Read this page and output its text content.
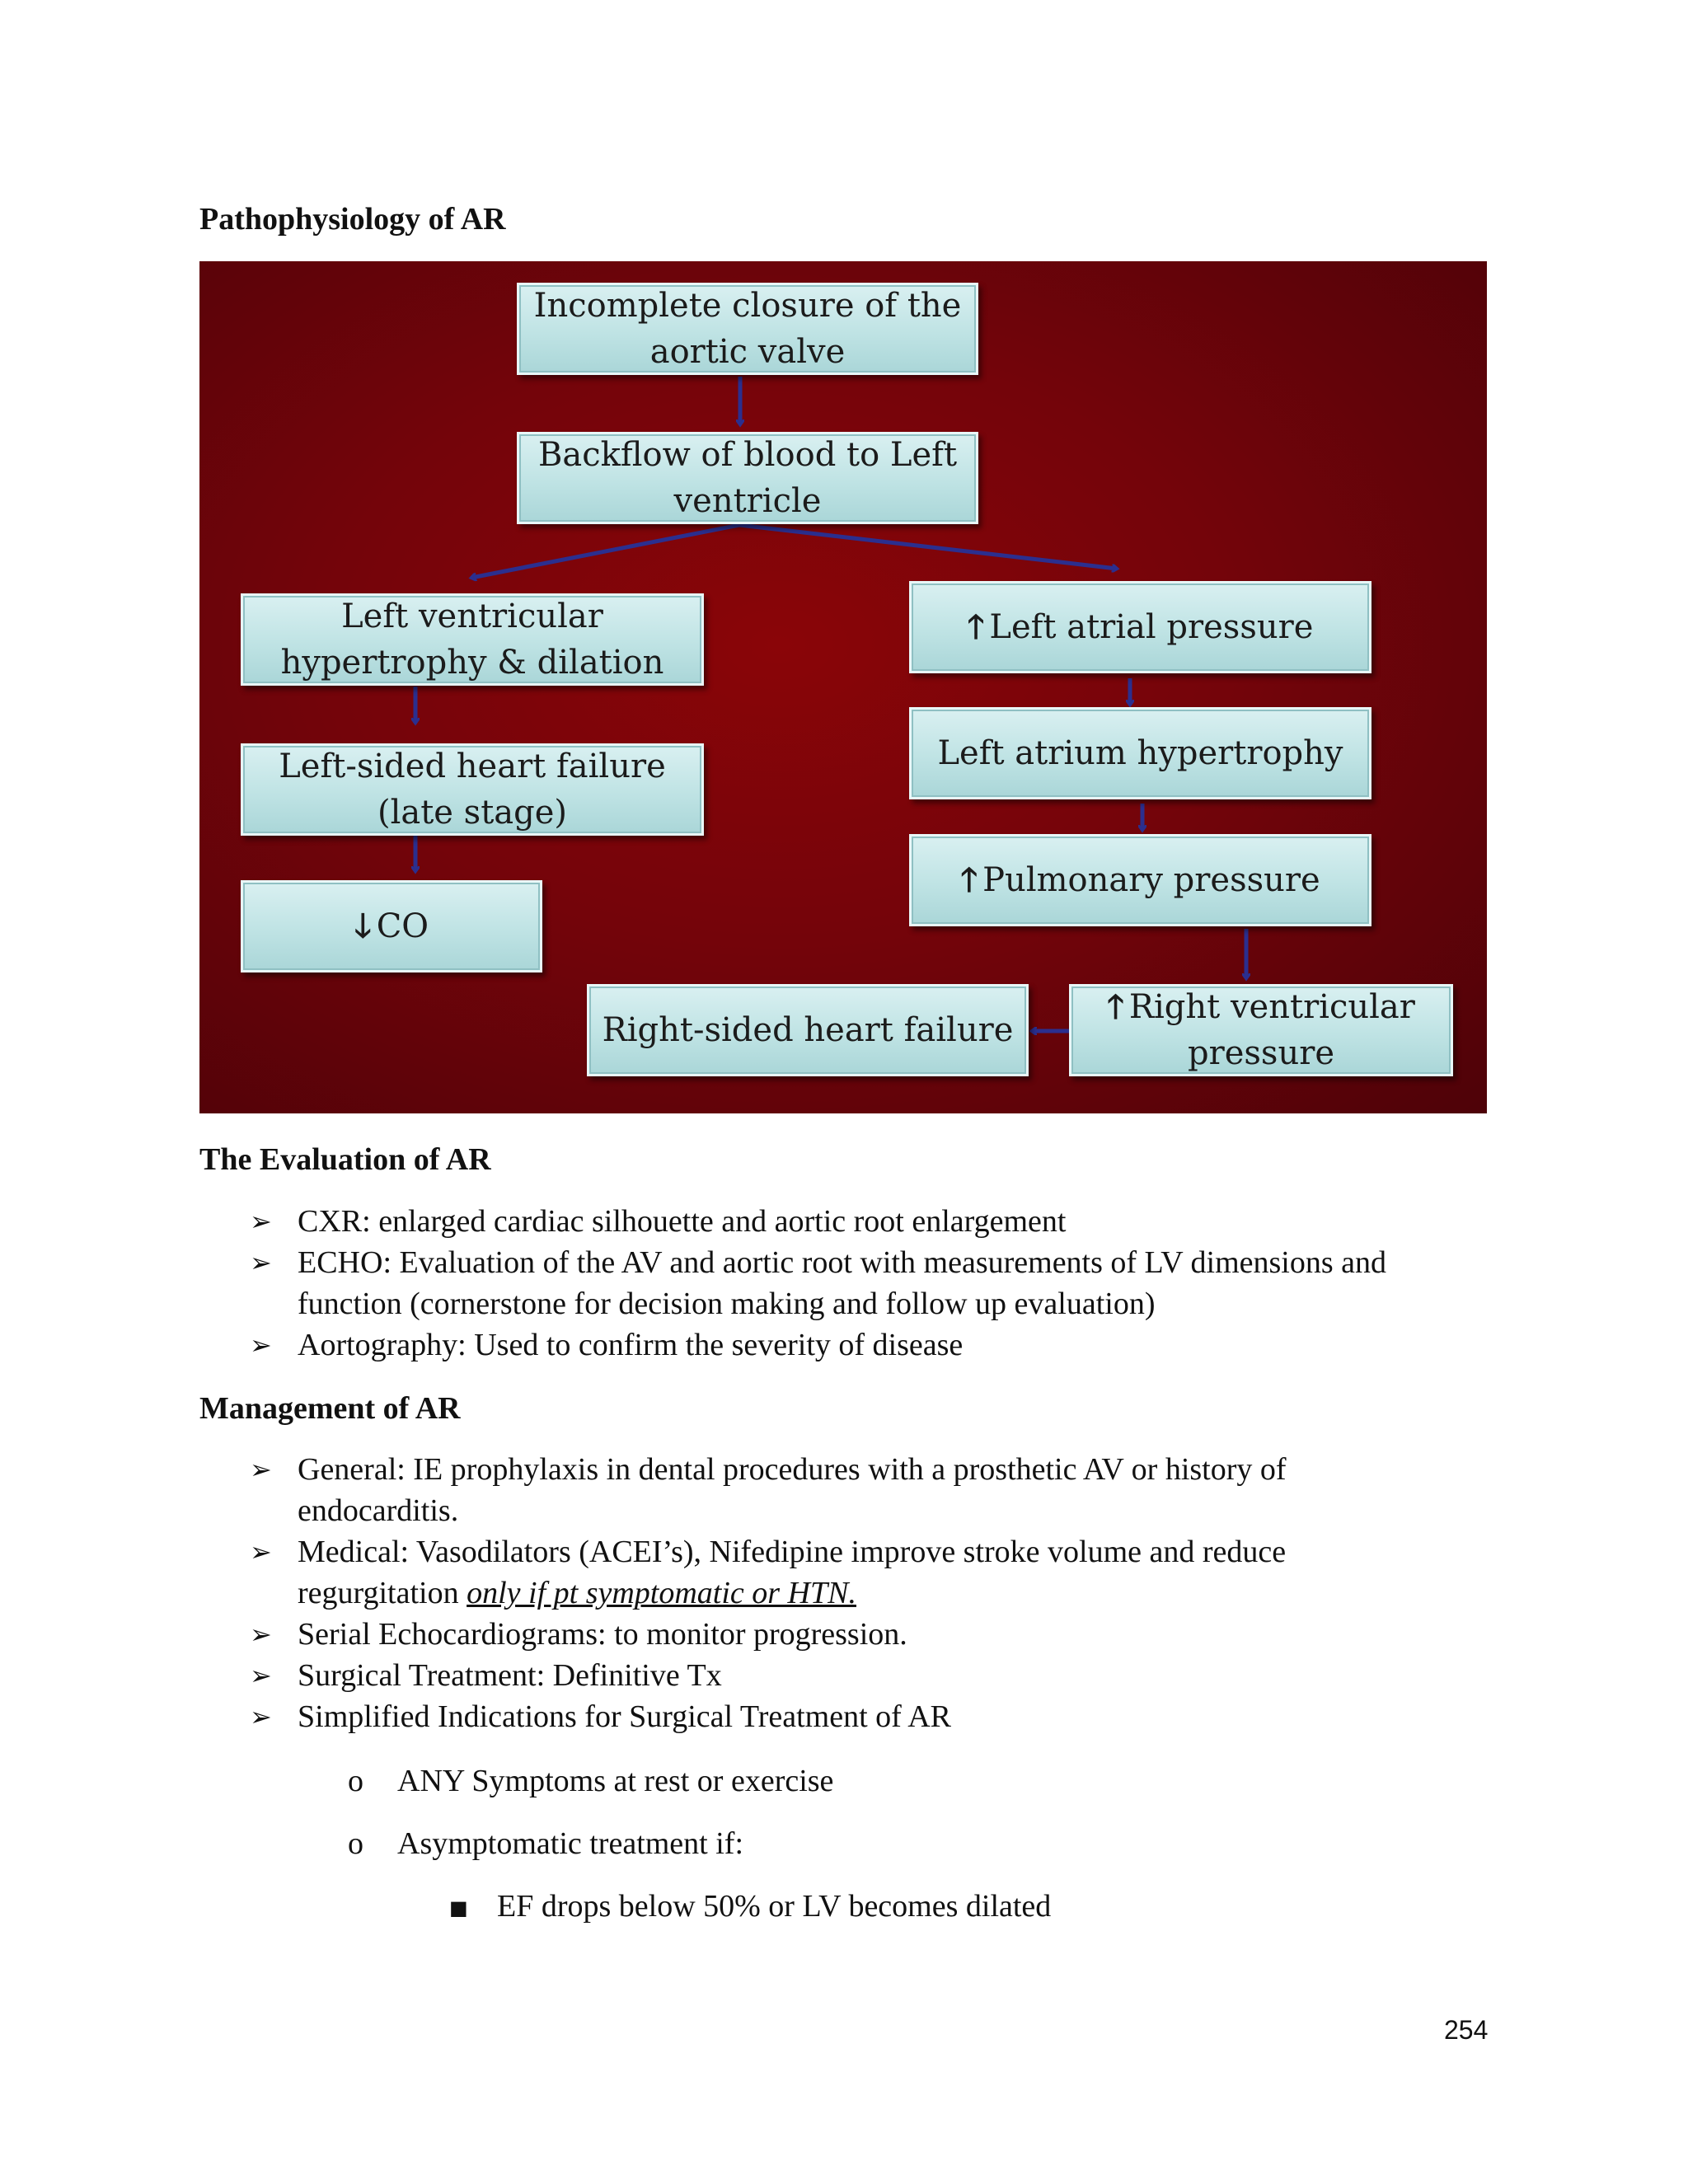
Pathophysiology of AR
Incomplete closure of the aortic valve
Backflow of blood to Left ventricle
Left ventricular hypertrophy & dilation
Left-sided heart failure (late stage)
🡓 CO
🡑 Left atrial pressure
Left atrium hypertrophy
🡑 Pulmonary pressure
🡑 Right ventricular pressure
Right-sided heart failure
The Evaluation of AR
➢ CXR: enlarged cardiac silhouette and aortic root enlargement
➢ ECHO: Evaluation of the AV and aortic root with measurements of LV dimensions and function (cornerstone for decision making and follow up evaluation)
➢ Aortography: Used to confirm the severity of disease
Management of AR
➢ General: IE prophylaxis in dental procedures with a prosthetic AV or history of endocarditis.
➢ Medical: Vasodilators (ACEI’s), Nifedipine improve stroke volume and reduce regurgitation only if pt symptomatic or HTN.
➢ Serial Echocardiograms: to monitor progression.
➢ Surgical Treatment: Definitive Tx
➢ Simplified Indications for Surgical Treatment of AR
o ANY Symptoms at rest or exercise
o Asymptomatic treatment if:
■ EF drops below 50% or LV becomes dilated
254
